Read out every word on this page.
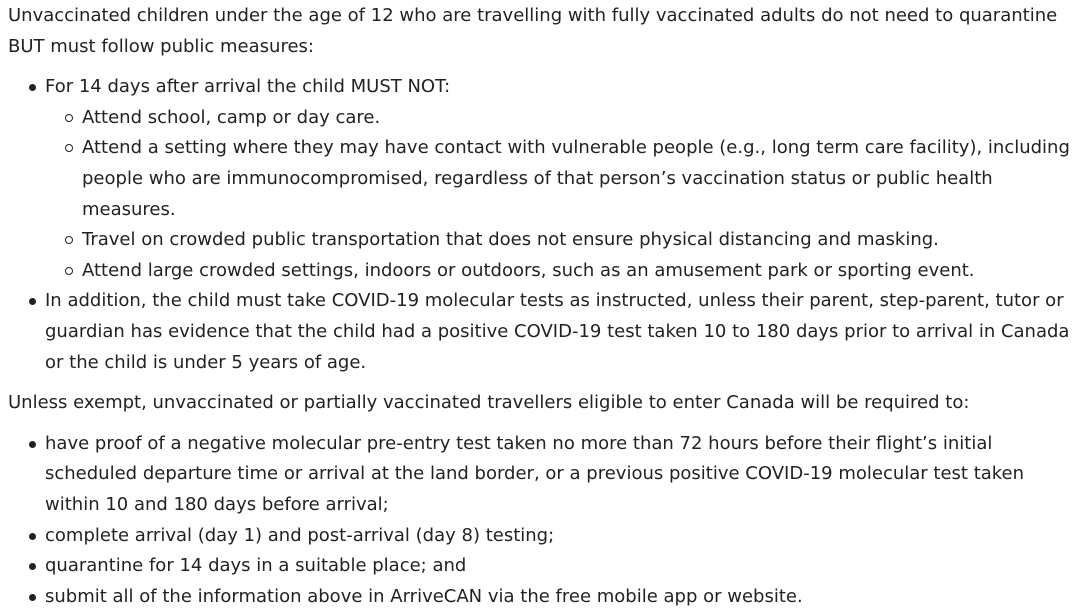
Unvaccinated children under the age of 12 who are travelling with fully vaccinated adults do not need to quarantine BUT must follow public measures:

For 14 days after arrival the child MUST NOT:
Attend school, camp or day care.
Attend a setting where they may have contact with vulnerable people (e.g., long term care facility), including people who are immunocompromised, regardless of that person’s vaccination status or public health measures.
Travel on crowded public transportation that does not ensure physical distancing and masking.
Attend large crowded settings, indoors or outdoors, such as an amusement park or sporting event.
In addition, the child must take COVID-19 molecular tests as instructed, unless their parent, step-parent, tutor or guardian has evidence that the child had a positive COVID-19 test taken 10 to 180 days prior to arrival in Canada or the child is under 5 years of age.

Unless exempt, unvaccinated or partially vaccinated travellers eligible to enter Canada will be required to:

have proof of a negative molecular pre-entry test taken no more than 72 hours before their flight’s initial scheduled departure time or arrival at the land border, or a previous positive COVID-19 molecular test taken within 10 and 180 days before arrival;
complete arrival (day 1) and post-arrival (day 8) testing;
quarantine for 14 days in a suitable place; and
submit all of the information above in ArriveCAN via the free mobile app or website.
